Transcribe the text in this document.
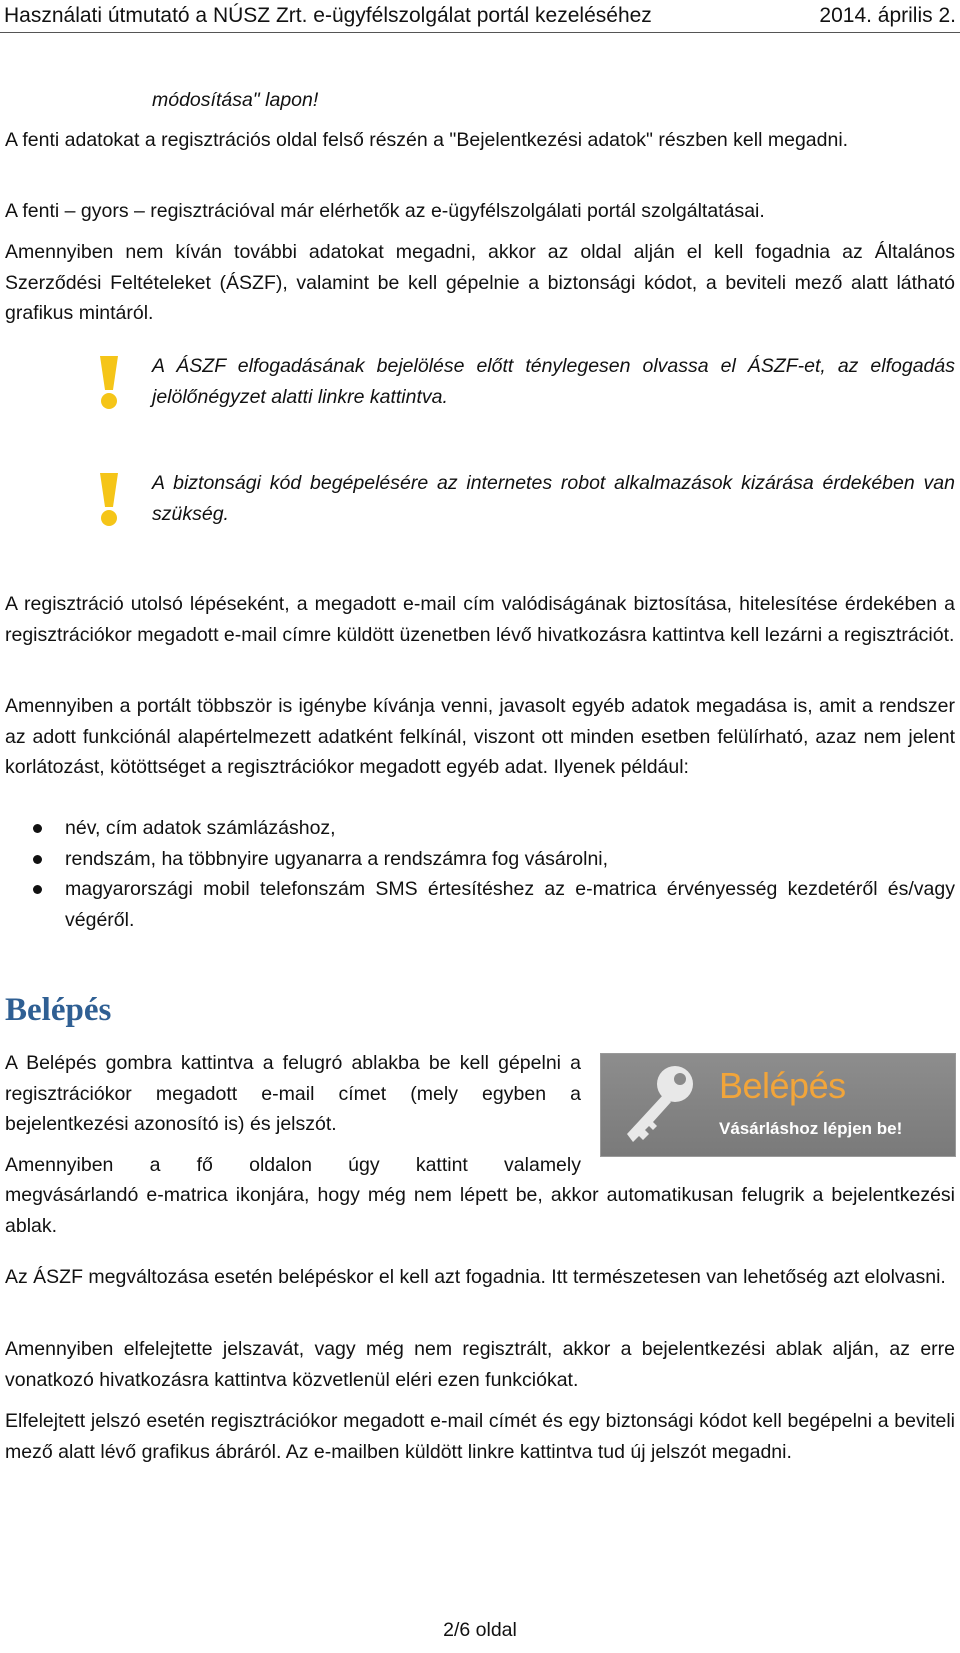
Használati útmutató a NÚSZ Zrt. e-ügyfélszolgálat portál kezeléséhez	2014. április 2.
módosítása" lapon!
A fenti adatokat a regisztrációs oldal felső részén a "Bejelentkezési adatok" részben kell megadni.
A fenti – gyors – regisztrációval már elérhetők az e-ügyfélszolgálati portál szolgáltatásai.
Amennyiben nem kíván további adatokat megadni, akkor az oldal alján el kell fogadnia az Általános Szerződési Feltételeket (ÁSZF), valamint be kell gépelnie a biztonsági kódot, a beviteli mező alatt látható grafikus mintáról.
A ÁSZF elfogadásának bejelölése előtt ténylegesen olvassa el ÁSZF-et, az elfogadás jelölőnégyzet alatti linkre kattintva.
A biztonsági kód begépelésére az internetes robot alkalmazások kizárása érdekében van szükség.
A regisztráció utolsó lépéseként, a megadott e-mail cím valódiságának biztosítása, hitelesítése érdekében a regisztrációkor megadott e-mail címre küldött üzenetben lévő hivatkozásra kattintva kell lezárni a regisztrációt.
Amennyiben a portált többször is igénybe kívánja venni, javasolt egyéb adatok megadása is, amit a rendszer az adott funkciónál alapértelmezett adatként felkínál, viszont ott minden esetben felülírható, azaz nem jelent korlátozást, kötöttséget a regisztrációkor megadott egyéb adat. Ilyenek például:
név, cím adatok számlázáshoz,
rendszám, ha többnyire ugyanarra a rendszámra fog vásárolni,
magyarországi mobil telefonszám SMS értesítéshez az e-matrica érvényesség kezdetéről és/vagy végéről.
Belépés
A Belépés gombra kattintva a felugró ablakba be kell gépelni a regisztrációkor megadott e-mail címet (mely egyben a bejelentkezési azonosító is) és jelszót.
Belépés
Vásárláshoz lépjen be!
Amennyiben a fő oldalon úgy kattint valamely
megvásárlandó e-matrica ikonjára, hogy még nem lépett be, akkor automatikusan felugrik a bejelentkezési ablak.
Az ÁSZF megváltozása esetén belépéskor el kell azt fogadnia. Itt természetesen van lehetőség azt elolvasni.
Amennyiben elfelejtette jelszavát, vagy még nem regisztrált, akkor a bejelentkezési ablak alján, az erre vonatkozó hivatkozásra kattintva közvetlenül eléri ezen funkciókat.
Elfelejtett jelszó esetén regisztrációkor megadott e-mail címét és egy biztonsági kódot kell begépelni a beviteli mező alatt lévő grafikus ábráról. Az e-mailben küldött linkre kattintva tud új jelszót megadni.
2/6 oldal
